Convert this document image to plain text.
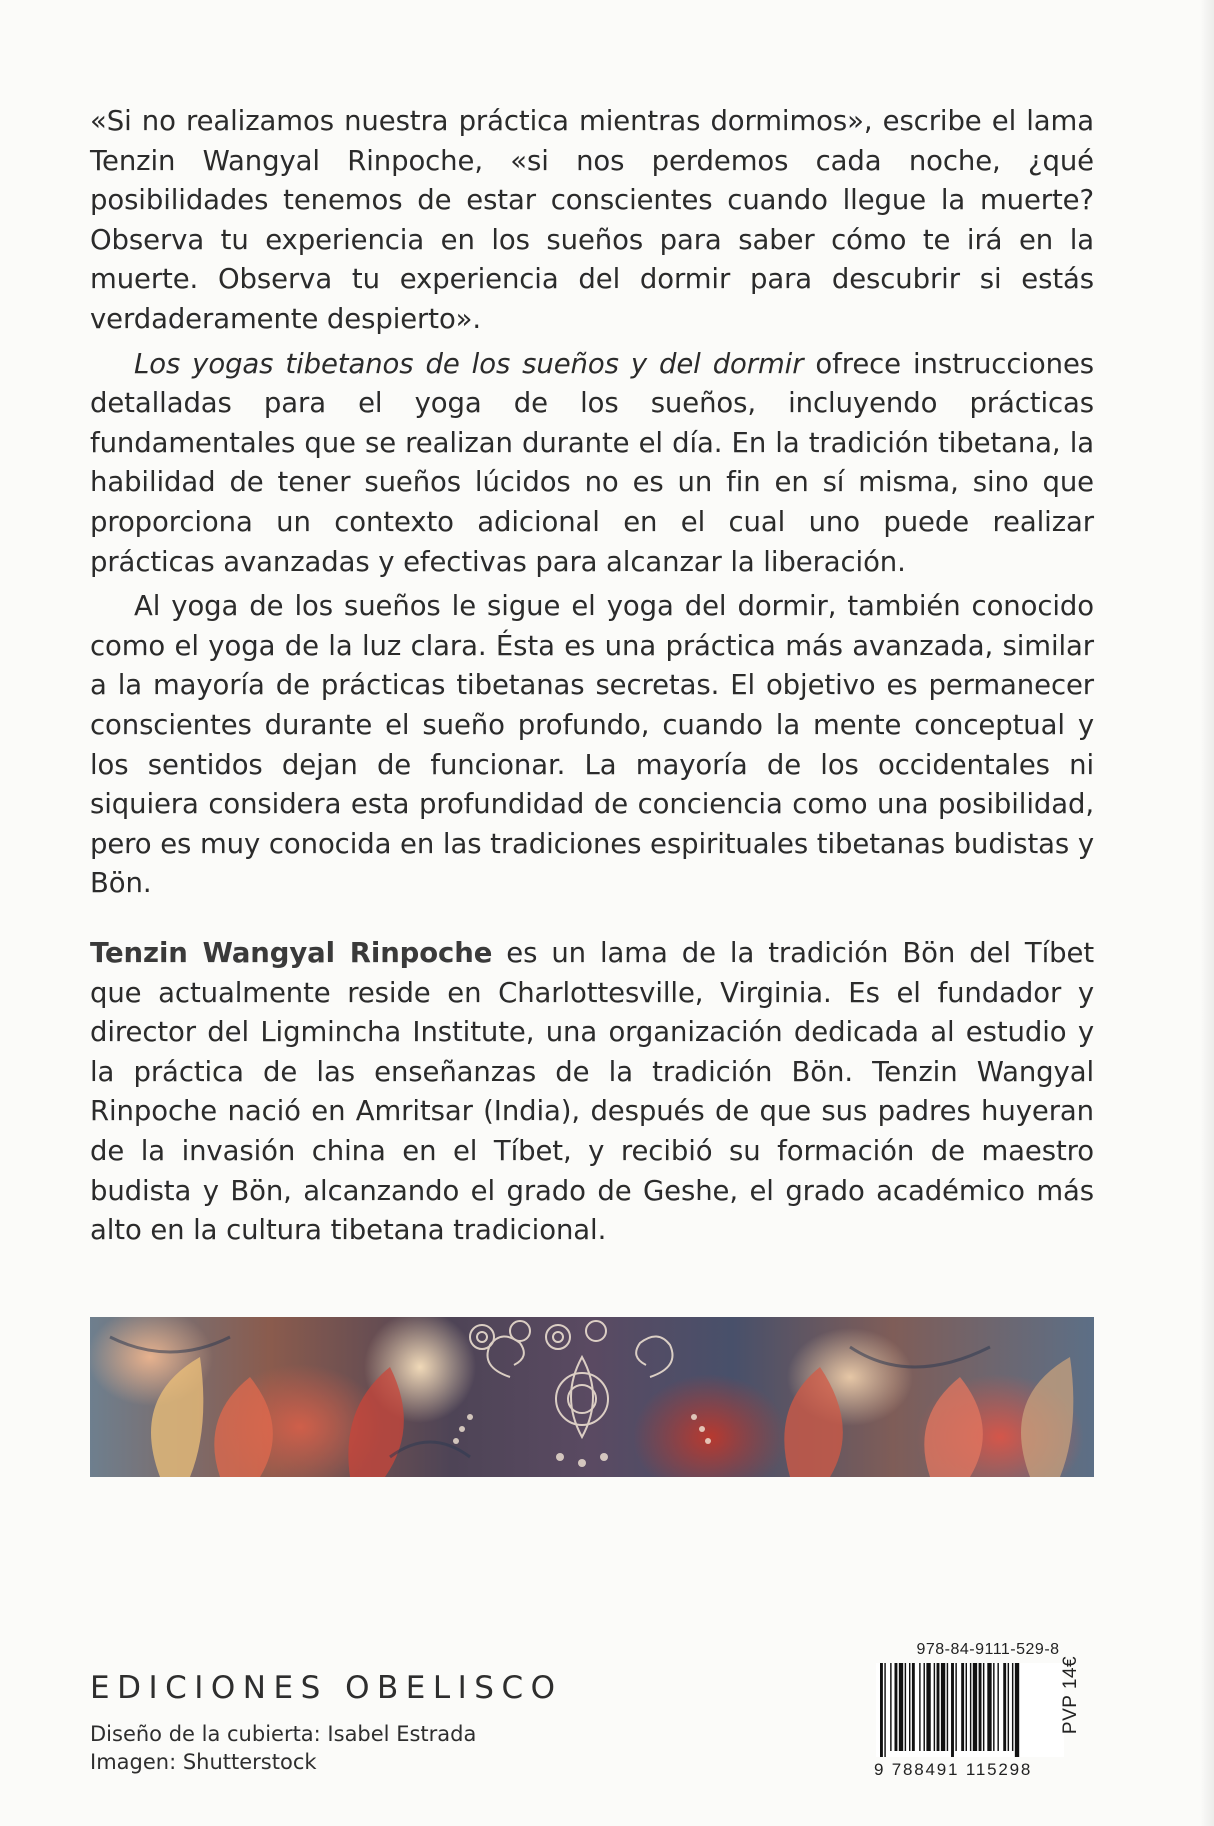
«Si no realizamos nuestra práctica mientras dormimos», escribe el lama Tenzin Wangyal Rinpoche, «si nos perdemos cada noche, ¿qué posibilidades tenemos de estar conscientes cuando llegue la muerte? Observa tu experiencia en los sueños para saber cómo te irá en la muerte. Observa tu experiencia del dormir para descubrir si estás verdaderamente despierto».

Los yogas tibetanos de los sueños y del dormir ofrece instrucciones detalladas para el yoga de los sueños, incluyendo prácticas fundamentales que se realizan durante el día. En la tradición tibetana, la habilidad de tener sueños lúcidos no es un fin en sí misma, sino que proporciona un contexto adicional en el cual uno puede realizar prácticas avanzadas y efectivas para alcanzar la liberación.

Al yoga de los sueños le sigue el yoga del dormir, también conocido como el yoga de la luz clara. Ésta es una práctica más avanzada, similar a la mayoría de prácticas tibetanas secretas. El objetivo es permanecer conscientes durante el sueño profundo, cuando la mente conceptual y los sentidos dejan de funcionar. La mayoría de los occidentales ni siquiera considera esta profundidad de conciencia como una posibilidad, pero es muy conocida en las tradiciones espirituales tibetanas budistas y Bön.

Tenzin Wangyal Rinpoche es un lama de la tradición Bön del Tíbet que actualmente reside en Charlottesville, Virginia. Es el fundador y director del Ligmincha Institute, una organización dedicada al estudio y la práctica de las enseñanzas de la tradición Bön. Tenzin Wangyal Rinpoche nació en Amritsar (India), después de que sus padres huyeran de la invasión china en el Tíbet, y recibió su formación de maestro budista y Bön, alcanzando el grado de Geshe, el grado académico más alto en la cultura tibetana tradicional.

EDICIONES OBELISCO
Diseño de la cubierta: Isabel Estrada
Imagen: Shutterstock
978-84-9111-529-8
9 788491 115298
PVP 14€
